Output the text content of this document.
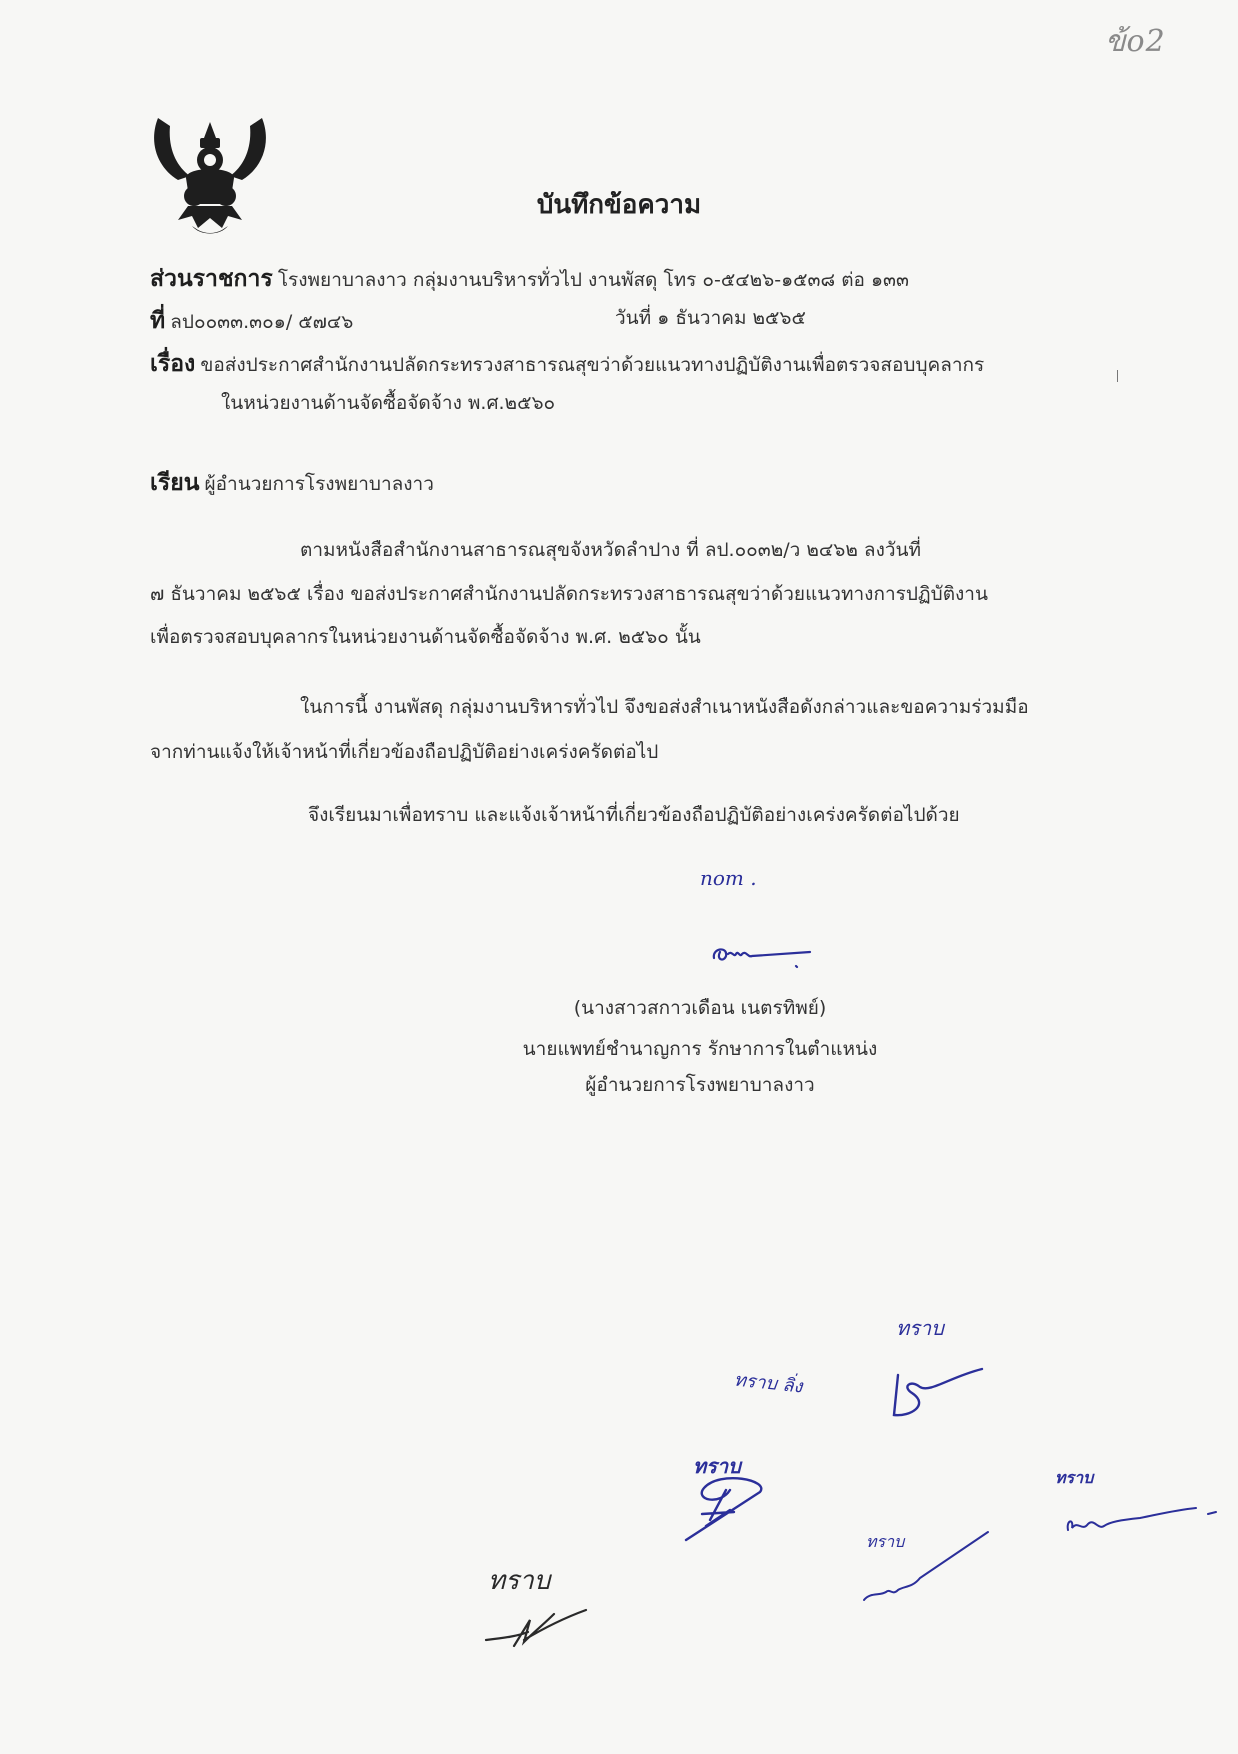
ข้o2
บันทึกข้อความ
ส่วนราชการ โรงพยาบาลงาว กลุ่มงานบริหารทั่วไป งานพัสดุ โทร ๐-๕๔๒๖-๑๕๓๘ ต่อ ๑๓๓
ที่ ลป๐๐๓๓.๓๐๑/ ๕๗๔๖	วันที่ ๑ ธันวาคม ๒๕๖๕
เรื่อง ขอส่งประกาศสำนักงานปลัดกระทรวงสาธารณสุขว่าด้วยแนวทางปฏิบัติงานเพื่อตรวจสอบบุคลากร
ในหน่วยงานด้านจัดซื้อจัดจ้าง พ.ศ.๒๕๖๐
เรียน ผู้อำนวยการโรงพยาบาลงาว
ตามหนังสือสำนักงานสาธารณสุขจังหวัดลำปาง ที่ ลป.๐๐๓๒/ว ๒๔๖๒ ลงวันที่
๗ ธันวาคม ๒๕๖๕ เรื่อง ขอส่งประกาศสำนักงานปลัดกระทรวงสาธารณสุขว่าด้วยแนวทางการปฏิบัติงาน
เพื่อตรวจสอบบุคลากรในหน่วยงานด้านจัดซื้อจัดจ้าง พ.ศ. ๒๕๖๐ นั้น
ในการนี้ งานพัสดุ กลุ่มงานบริหารทั่วไป จึงขอส่งสำเนาหนังสือดังกล่าวและขอความร่วมมือ
จากท่านแจ้งให้เจ้าหน้าที่เกี่ยวข้องถือปฏิบัติอย่างเคร่งครัดต่อไป
จึงเรียนมาเพื่อทราบ และแจ้งเจ้าหน้าที่เกี่ยวข้องถือปฏิบัติอย่างเคร่งครัดต่อไปด้วย
nom .
(นางสาวสกาวเดือน เนตรทิพย์)
นายแพทย์ชำนาญการ รักษาการในตำแหน่ง
ผู้อำนวยการโรงพยาบาลงาว
ทราบ
ทราบ ลิ่ง
ทราบ
ทราบ
ทราบ
ทราบ
